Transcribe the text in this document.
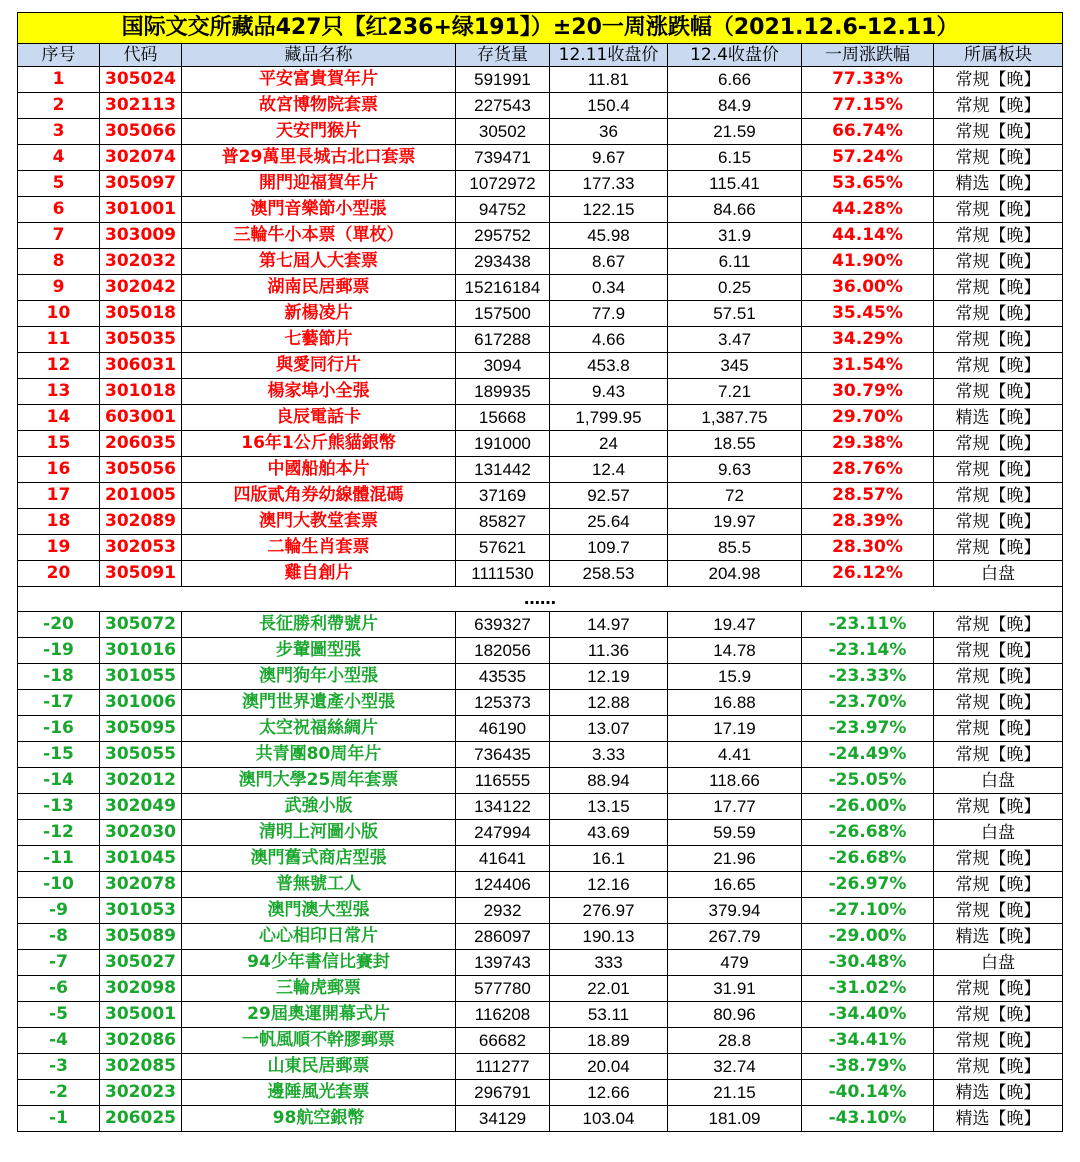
国际文交所藏品427只【红236+绿191】）±20一周涨跌幅（2021.12.6-12.11）							
序号	代码	藏品名称	存货量	12.11收盘价	12.4收盘价	一周涨跌幅	所属板块
1	305024	平安富貴賀年片	591991	11.81	6.66	77.33%	常规【晚】
2	302113	故宮博物院套票	227543	150.4	84.9	77.15%	常规【晚】
3	305066	天安門猴片	30502	36	21.59	66.74%	常规【晚】
4	302074	普29萬里長城古北口套票	739471	9.67	6.15	57.24%	常规【晚】
5	305097	開門迎福賀年片	1072972	177.33	115.41	53.65%	精选【晚】
6	301001	澳門音樂節小型張	94752	122.15	84.66	44.28%	常规【晚】
7	303009	三輪牛小本票（單枚）	295752	45.98	31.9	44.14%	常规【晚】
8	302032	第七屆人大套票	293438	8.67	6.11	41.90%	常规【晚】
9	302042	湖南民居郵票	15216184	0.34	0.25	36.00%	常规【晚】
10	305018	新楊凌片	157500	77.9	57.51	35.45%	常规【晚】
11	305035	七藝節片	617288	4.66	3.47	34.29%	常规【晚】
12	306031	與愛同行片	3094	453.8	345	31.54%	常规【晚】
13	301018	楊家埠小全張	189935	9.43	7.21	30.79%	常规【晚】
14	603001	良辰電話卡	15668	1,799.95	1,387.75	29.70%	精选【晚】
15	206035	16年1公斤熊貓銀幣	191000	24	18.55	29.38%	常规【晚】
16	305056	中國船舶本片	131442	12.4	9.63	28.76%	常规【晚】
17	201005	四版贰角券幼線體混碼	37169	92.57	72	28.57%	常规【晚】
18	302089	澳門大教堂套票	85827	25.64	19.97	28.39%	常规【晚】
19	302053	二輪生肖套票	57621	109.7	85.5	28.30%	常规【晚】
20	305091	雞自創片	1111530	258.53	204.98	26.12%	白盘
……							
-20	305072	長征勝利帶號片	639327	14.97	19.47	-23.11%	常规【晚】
-19	301016	步輦圖型張	182056	11.36	14.78	-23.14%	常规【晚】
-18	301055	澳門狗年小型張	43535	12.19	15.9	-23.33%	常规【晚】
-17	301006	澳門世界遺產小型張	125373	12.88	16.88	-23.70%	常规【晚】
-16	305095	太空祝福絲綢片	46190	13.07	17.19	-23.97%	常规【晚】
-15	305055	共青團80周年片	736435	3.33	4.41	-24.49%	常规【晚】
-14	302012	澳門大學25周年套票	116555	88.94	118.66	-25.05%	白盘
-13	302049	武強小版	134122	13.15	17.77	-26.00%	常规【晚】
-12	302030	清明上河圖小版	247994	43.69	59.59	-26.68%	白盘
-11	301045	澳門舊式商店型張	41641	16.1	21.96	-26.68%	常规【晚】
-10	302078	普無號工人	124406	12.16	16.65	-26.97%	常规【晚】
-9	301053	澳門澳大型張	2932	276.97	379.94	-27.10%	常规【晚】
-8	305089	心心相印日常片	286097	190.13	267.79	-29.00%	精选【晚】
-7	305027	94少年書信比賽封	139743	333	479	-30.48%	白盘
-6	302098	三輪虎郵票	577780	22.01	31.91	-31.02%	常规【晚】
-5	305001	29屆奧運開幕式片	116208	53.11	80.96	-34.40%	常规【晚】
-4	302086	一帆風順不幹膠郵票	66682	18.89	28.8	-34.41%	常规【晚】
-3	302085	山東民居郵票	111277	20.04	32.74	-38.79%	常规【晚】
-2	302023	邊陲風光套票	296791	12.66	21.15	-40.14%	精选【晚】
-1	206025	98航空銀幣	34129	103.04	181.09	-43.10%	精选【晚】
